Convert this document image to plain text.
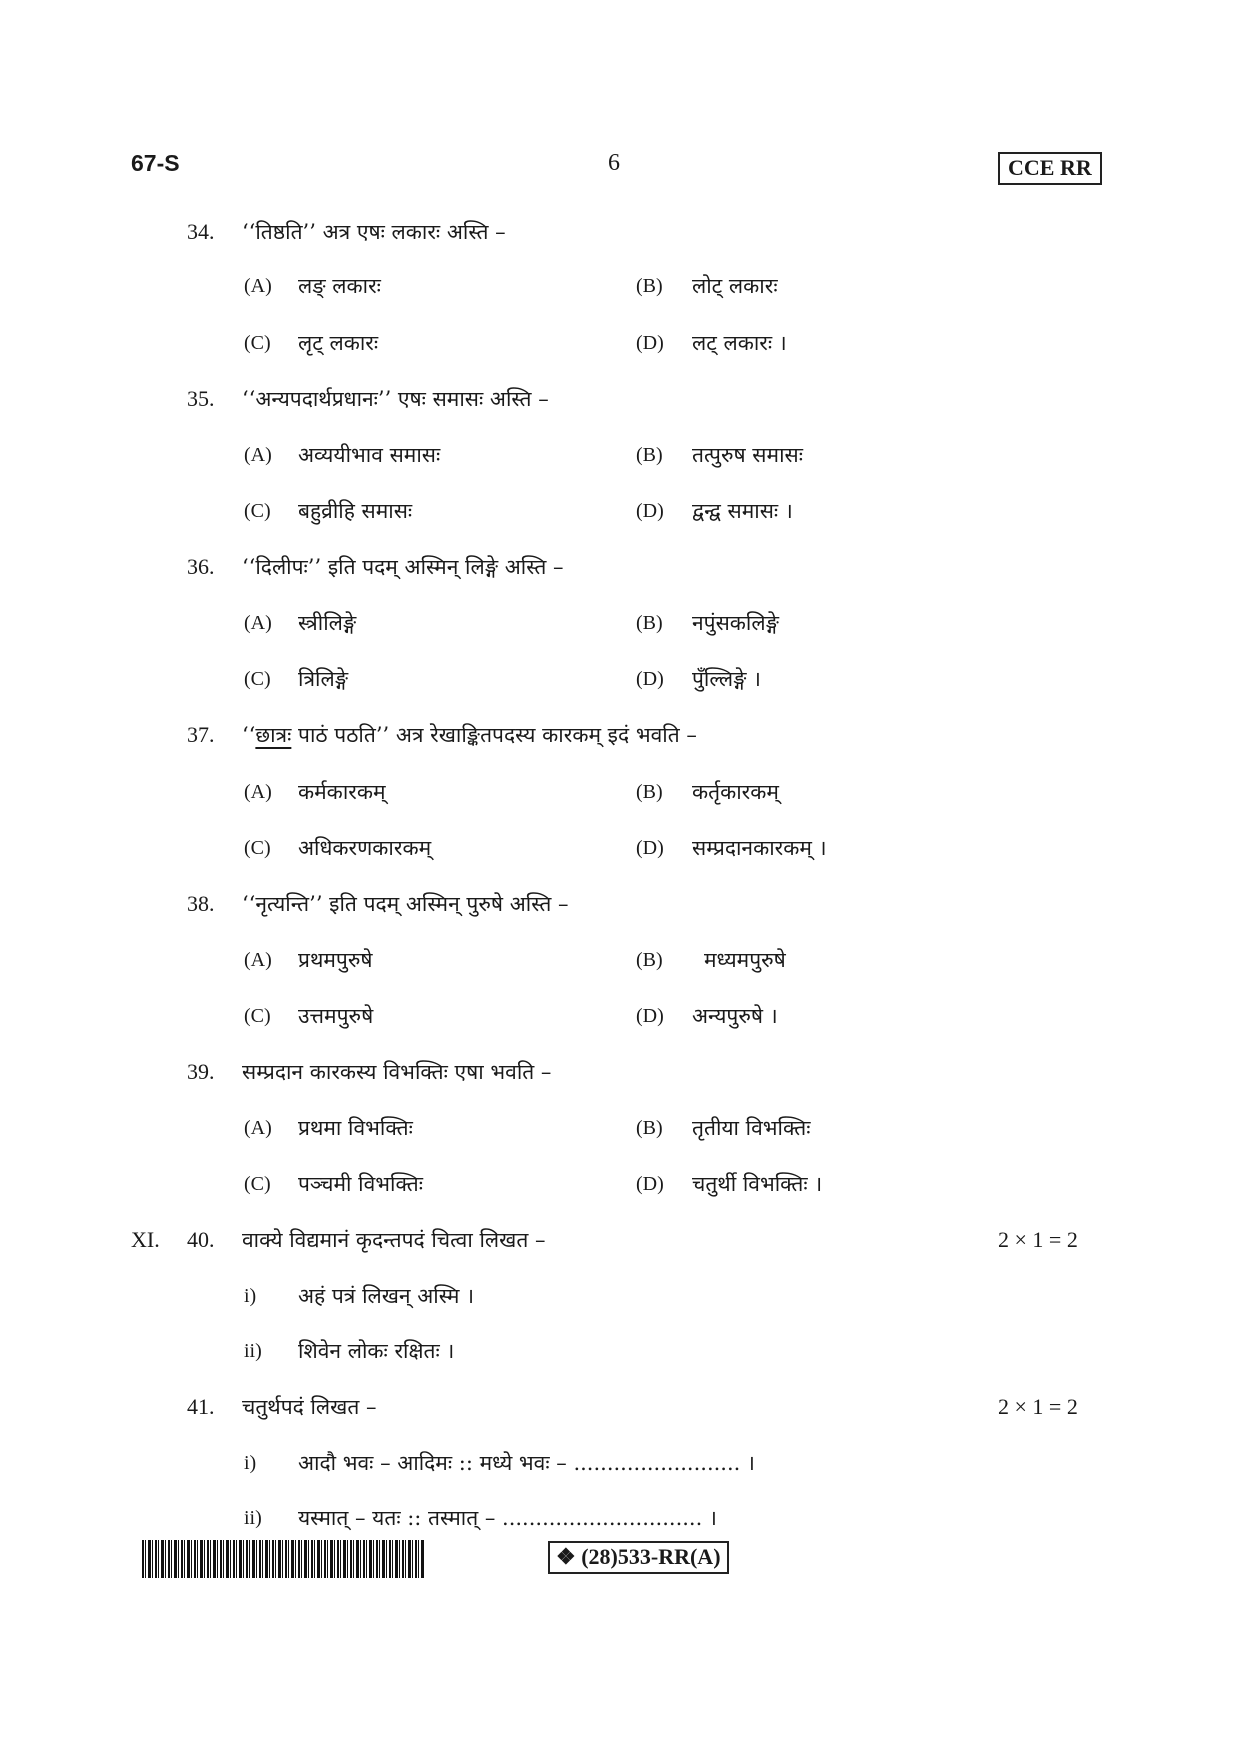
67-S	6	CCE RR
34. ‘‘तिष्ठति’’ अत्र एषः लकारः अस्ति –
(A) लङ् लकारः	(B) लोट् लकारः
(C) लृट् लकारः	(D) लट् लकारः ।
35. ‘‘अन्यपदार्थप्रधानः’’ एषः समासः अस्ति –
(A) अव्ययीभाव समासः	(B) तत्पुरुष समासः
(C) बहुव्रीहि समासः	(D) द्वन्द्व समासः ।
36. ‘‘दिलीपः’’ इति पदम् अस्मिन् लिङ्गे अस्ति –
(A) स्त्रीलिङ्गे	(B) नपुंसकलिङ्गे
(C) त्रिलिङ्गे	(D) पुँल्लिङ्गे ।
37. ‘‘छात्रः पाठं पठति’’ अत्र रेखाङ्कितपदस्य कारकम् इदं भवति –
(A) कर्मकारकम्	(B) कर्तृकारकम्
(C) अधिकरणकारकम्	(D) सम्प्रदानकारकम् ।
38. ‘‘नृत्यन्ति’’ इति पदम् अस्मिन् पुरुषे अस्ति –
(A) प्रथमपुरुषे	(B) मध्यमपुरुषे
(C) उत्तमपुरुषे	(D) अन्यपुरुषे ।
39. सम्प्रदान कारकस्य विभक्तिः एषा भवति –
(A) प्रथमा विभक्तिः	(B) तृतीया विभक्तिः
(C) पञ्चमी विभक्तिः	(D) चतुर्थी विभक्तिः ।
XI. 40. वाक्ये विद्यमानं कृदन्तपदं चित्वा लिखत –	2 × 1 = 2
i) अहं पत्रं लिखन् अस्मि ।
ii) शिवेन लोकः रक्षितः ।
41. चतुर्थपदं लिखत –	2 × 1 = 2
i) आदौ भवः – आदिमः :: मध्ये भवः – ......................... ।
ii) यस्मात् – यतः :: तस्मात् – .............................. ।
❖ (28)533-RR(A)
